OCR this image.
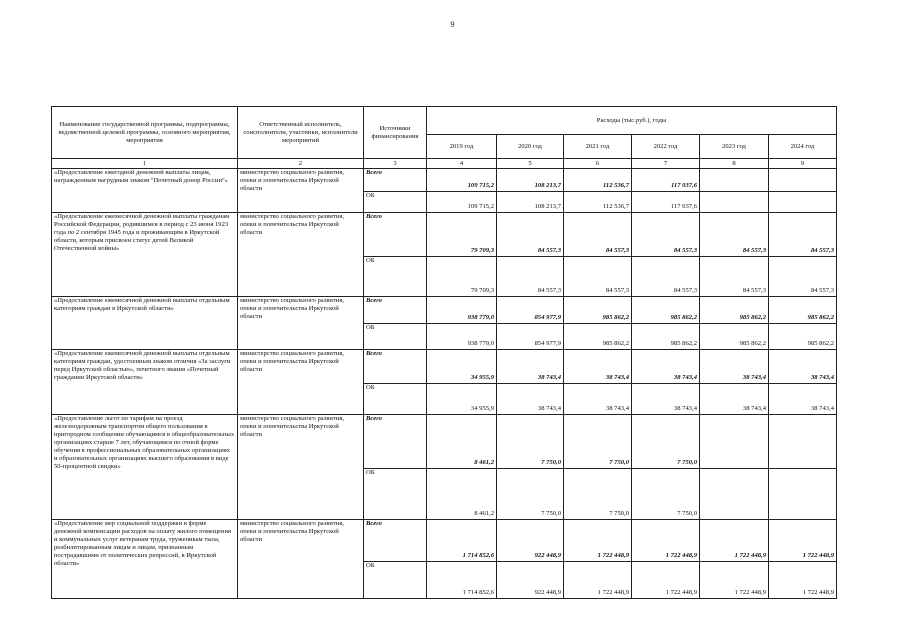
9
Наименование государственной программы, подпрограммы, ведомственной целевой программы, основного мероприятия, мероприятия	Ответственный исполнитель, соисполнители, участники, исполнители мероприятий	Источники финансирования	Расходы (тыс.руб.), годы					
			2019 год	2020 год	2021 год	2022 год	2023 год	2024 год
1	2	3	4	5	6	7	8	9
«Предоставление ежегодной денежной выплаты лицам, награжденным нагрудным знаком "Почетный донор России"»	министерство социального развития, опеки и попечительства Иркутской области	Всего	109 715,2	108 213,7	112 536,7	117 037,6		
		ОБ	109 715,2	108 213,7	112 536,7	117 037,6		
«Предоставление ежемесячной денежной выплаты гражданам Российской Федерации, родившимся в период с 23 июня 1923 года по 2 сентября 1945 года и проживающим в Иркутской области, которым присвоен статус детей Великой Отечественной войны»	министерство социального развития, опеки и попечительства Иркутской области	Всего	79 709,3	84 557,3	84 557,3	84 557,3	84 557,3	84 557,3
		ОБ	79 709,3	84 557,3	84 557,3	84 557,3	84 557,3	84 557,3
«Предоставление ежемесячной денежной выплаты отдельным категориям граждан в Иркутской области»	министерство социального развития, опеки и попечительства Иркутской области	Всего	938 779,0	854 977,9	985 862,2	985 862,2	985 862,2	985 862,2
		ОБ	938 779,0	854 977,9	985 862,2	985 862,2	985 862,2	985 862,2
«Предоставление ежемесячной денежной выплаты отдельным категориям граждан, удостоенным знаком отличия «За заслуги перед Иркутской областью», почетного звания «Почетный гражданин Иркутской области»	министерство социального развития, опеки и попечительства Иркутской области	Всего	34 955,9	38 743,4	38 743,4	38 743,4	38 743,4	38 743,4
		ОБ	34 955,9	38 743,4	38 743,4	38 743,4	38 743,4	38 743,4
«Предоставление льгот по тарифам на проезд железнодорожным транспортом общего пользования в пригородном сообщении обучающимся в общеобразовательных организациях старше 7 лет, обучающимся по очной форме обучения в профессиональных образовательных организациях и образовательных организациях высшего образования в виде 50-процентной скидки»	министерство социального развития, опеки и попечительства Иркутской области	Всего	8 461,2	7 750,0	7 750,0	7 750,0		
		ОБ	8 461,2	7 750,0	7 750,0	7 750,0		
«Предоставление мер социальной поддержки в форме денежной компенсации расходов на оплату жилого помещения и коммунальных услуг ветеранам труда, труженикам тыла, реабилитированным лицам и лицам, признанным пострадавшими от политических репрессий, в Иркутской области»	министерство социального развития, опеки и попечительства Иркутской области	Всего	1 714 852,6	922 448,9	1 722 448,9	1 722 448,9	1 722 448,9	1 722 448,9
		ОБ	1 714 852,6	922 448,9	1 722 448,9	1 722 448,9	1 722 448,9	1 722 448,9
